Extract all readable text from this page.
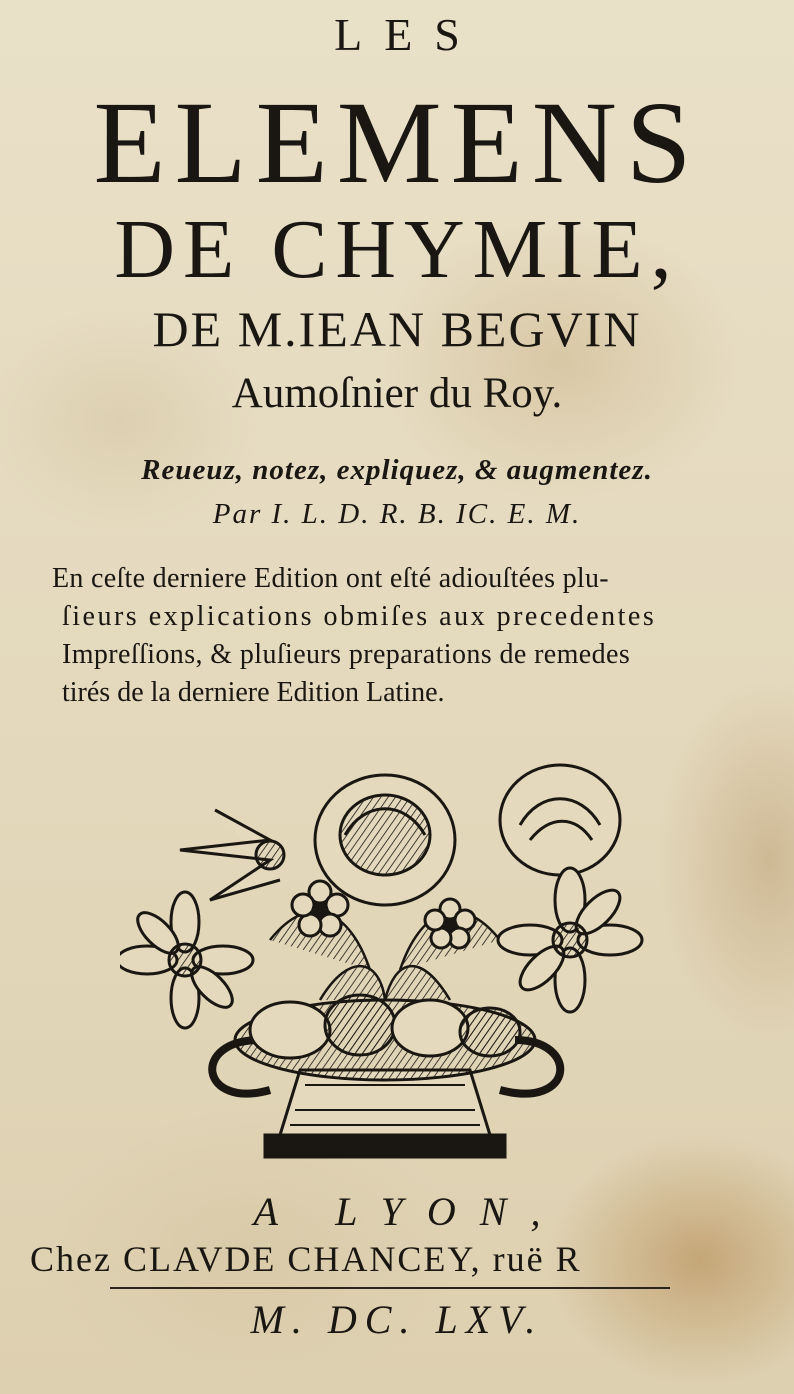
LES
ELEMENS
DE CHYMIE,
DE M.IEAN BEGVIN
Aumoſnier du Roy.
Reueuz, notez, expliquez, & augmentez.
Par I. L. D. R. B. IC. E. M.
En ceſte derniere Edition ont eſté adiouſtées plu-
ſieurs explications obmiſes aux precedentes
Impreſſions, & pluſieurs preparations de remedes
tirés de la derniere Edition Latine.
A LYON,
Chez CLAVDE CHANCEY, ruë R
M. DC. LXV.
